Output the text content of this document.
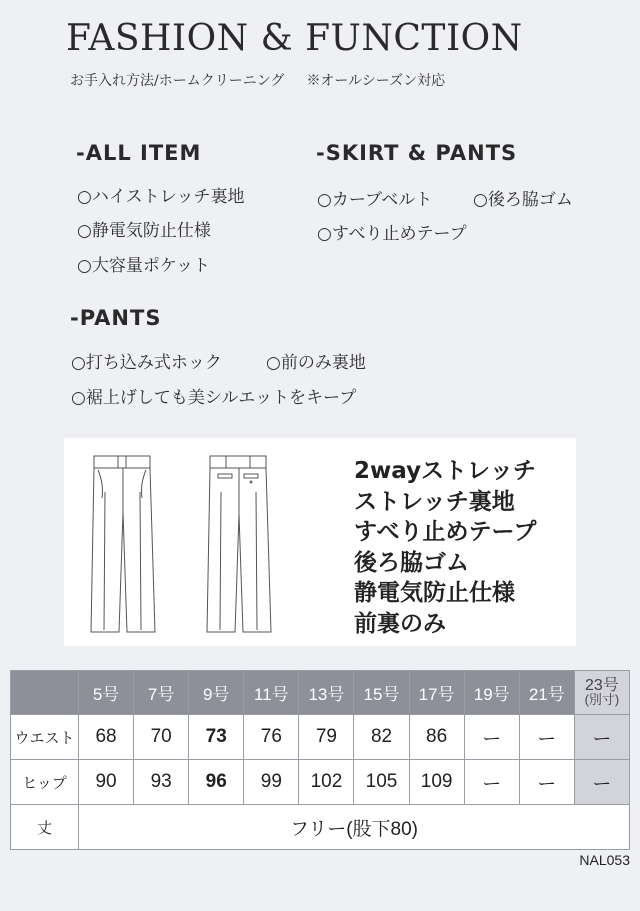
FASHION & FUNCTION
お手入れ方法/ホームクリーニング ※オールシーズン対応
-ALL ITEM
○ハイストレッチ裏地
○静電気防止仕様
○大容量ポケット
-SKIRT & PANTS
○カーブベルト ○後ろ脇ゴム
○すべり止めテープ
-PANTS
○打ち込み式ホック	○前のみ裏地
○裾上げしても美シルエットをキープ
2wayストレッチ
ストレッチ裏地
すべり止めテープ
後ろ脇ゴム
静電気防止仕様
前裏のみ
	5号	7号	9号	11号	13号	15号	17号	19号	21号	23号
(別寸)

ウエスト	68	70	73	76	79	82	86	ー	ー	ー
ヒップ	90	93	96	99	102	105	109	ー	ー	ー
丈	フリー(股下80)									
NAL053
